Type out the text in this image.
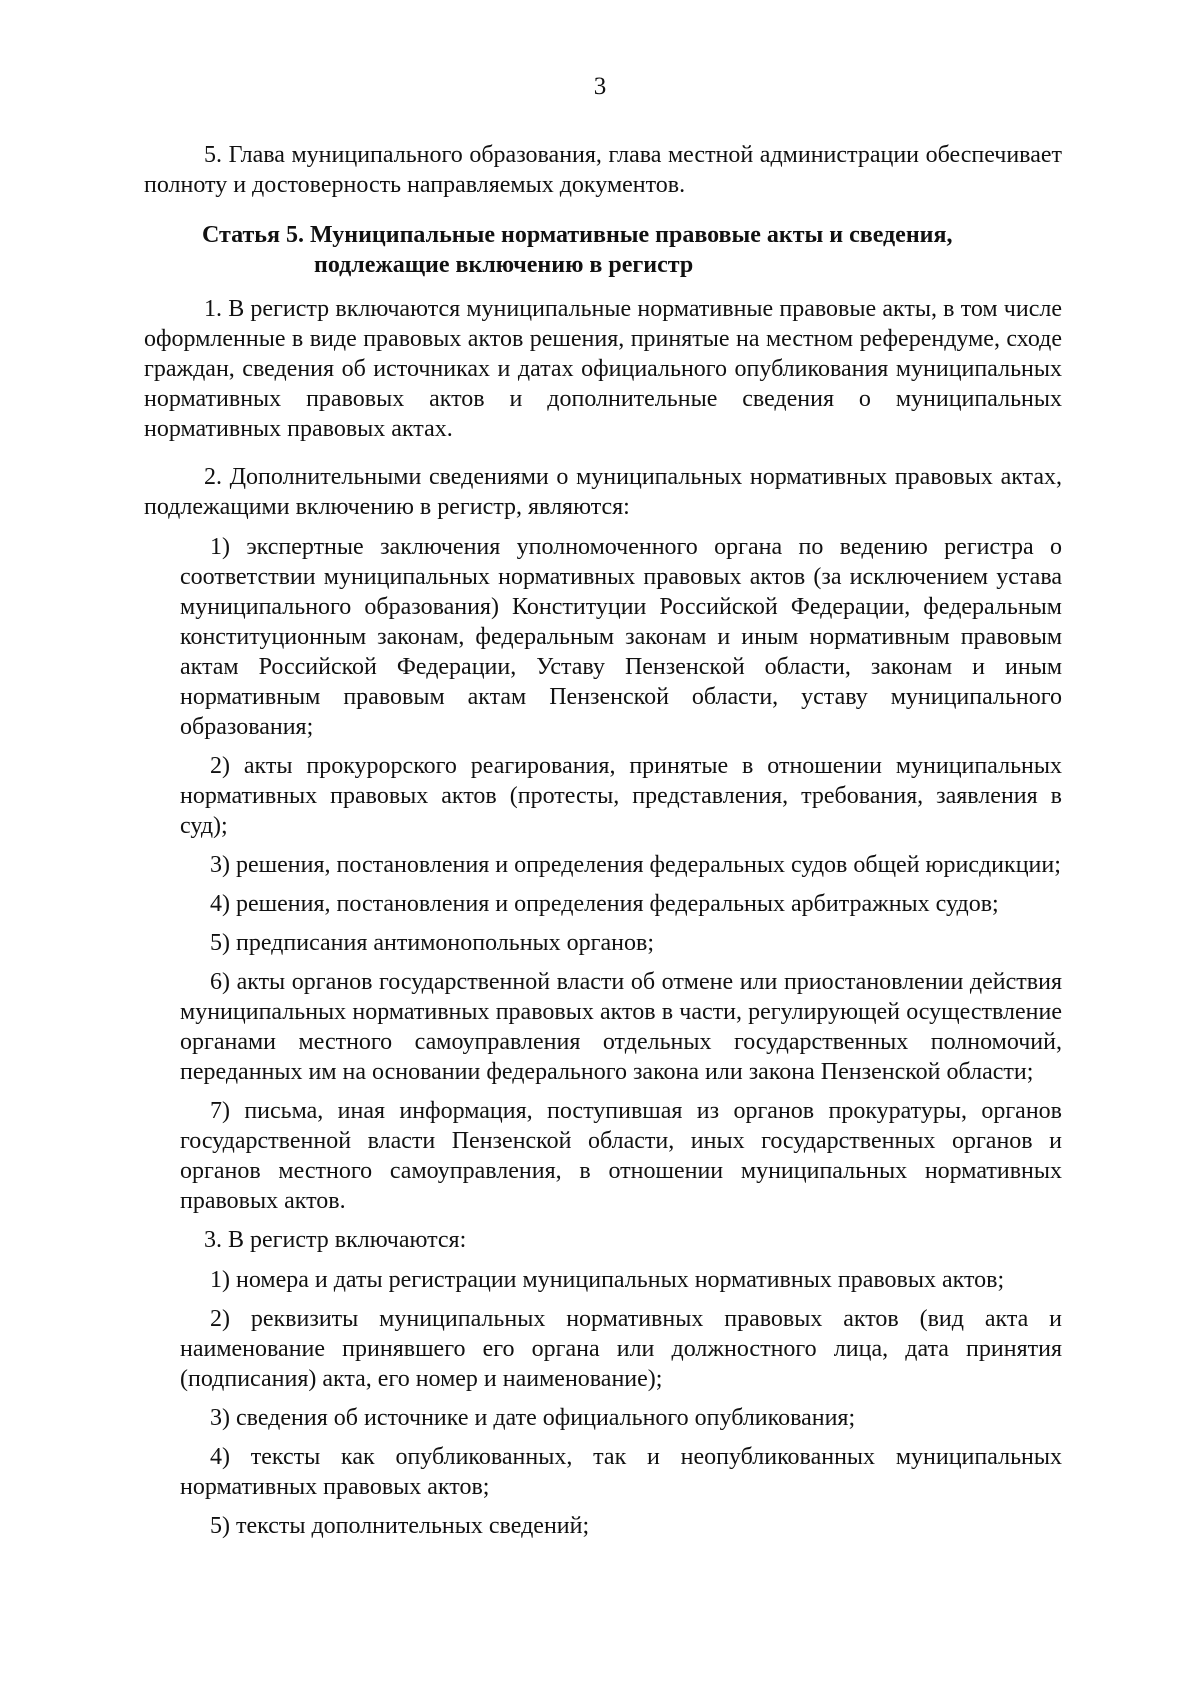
3

5. Глава муниципального образования, глава местной администрации обеспечивает полноту и достоверность направляемых документов.

Статья 5. Муниципальные нормативные правовые акты и сведения,
подлежащие включению в регистр

1. В регистр включаются муниципальные нормативные правовые акты, в том числе оформленные в виде правовых актов решения, принятые на местном референдуме, сходе граждан, сведения об источниках и датах официального опубликования муниципальных нормативных правовых актов и дополнительные сведения о муниципальных нормативных правовых актах.

2. Дополнительными сведениями о муниципальных нормативных правовых актах, подлежащими включению в регистр, являются:

1) экспертные заключения уполномоченного органа по ведению регистра о соответствии муниципальных нормативных правовых актов (за исключением устава муниципального образования) Конституции Российской Федерации, федеральным конституционным законам, федеральным законам и иным нормативным правовым актам Российской Федерации, Уставу Пензенской области, законам и иным нормативным правовым актам Пензенской области, уставу муниципального образования;

2) акты прокурорского реагирования, принятые в отношении муниципальных нормативных правовых актов (протесты, представления, требования, заявления в суд);

3) решения, постановления и определения федеральных судов общей юрисдикции;

4) решения, постановления и определения федеральных арбитражных судов;

5) предписания антимонопольных органов;

6) акты органов государственной власти об отмене или приостановлении действия муниципальных нормативных правовых актов в части, регулирующей осуществление органами местного самоуправления отдельных государственных полномочий, переданных им на основании федерального закона или закона Пензенской области;

7) письма, иная информация, поступившая из органов прокуратуры, органов государственной власти Пензенской области, иных государственных органов и органов местного самоуправления, в отношении муниципальных нормативных правовых актов.

3. В регистр включаются:

1) номера и даты регистрации муниципальных нормативных правовых актов;

2) реквизиты муниципальных нормативных правовых актов (вид акта и наименование принявшего его органа или должностного лица, дата принятия (подписания) акта, его номер и наименование);

3) сведения об источнике и дате официального опубликования;

4) тексты как опубликованных, так и неопубликованных муниципальных нормативных правовых актов;

5) тексты дополнительных сведений;
